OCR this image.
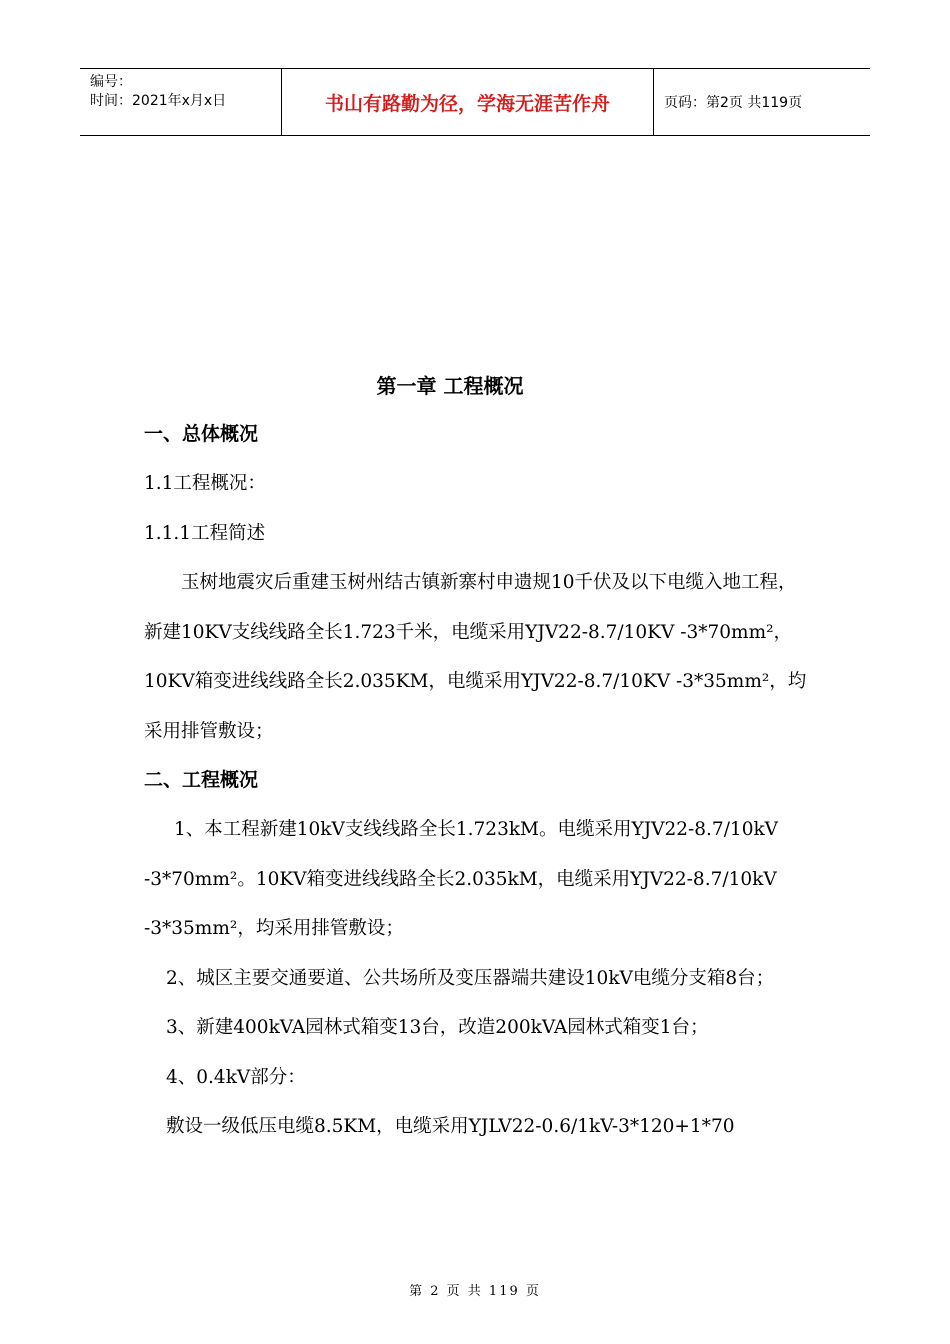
编号：
时间：2021年x月x日	书山有路勤为径，学海无涯苦作舟	页码：第2页 共119页
第一章 工程概况
一、总体概况

1.1工程概况：

1.1.1工程简述

玉树地震灾后重建玉树州结古镇新寨村申遗规10千伏及以下电缆入地工程，新建10KV支线线路全长1.723千米，电缆采用YJV22-8.7/10KV -3*70mm²，10KV箱变进线线路全长2.035KM，电缆采用YJV22-8.7/10KV -3*35mm²，均采用排管敷设；

二、工程概况

1、本工程新建10kV支线线路全长1.723kM。电缆采用YJV22-8.7/10kV -3*70mm²。10KV箱变进线线路全长2.035kM，电缆采用YJV22-8.7/10kV -3*35mm²，均采用排管敷设；

2、城区主要交通要道、公共场所及变压器端共建设10kV电缆分支箱8台；

3、新建400kVA园林式箱变13台，改造200kVA园林式箱变1台；

4、0.4kV部分：

敷设一级低压电缆8.5KM，电缆采用YJLV22-0.6/1kV-3*120+1*70

第 2 页 共 119 页
